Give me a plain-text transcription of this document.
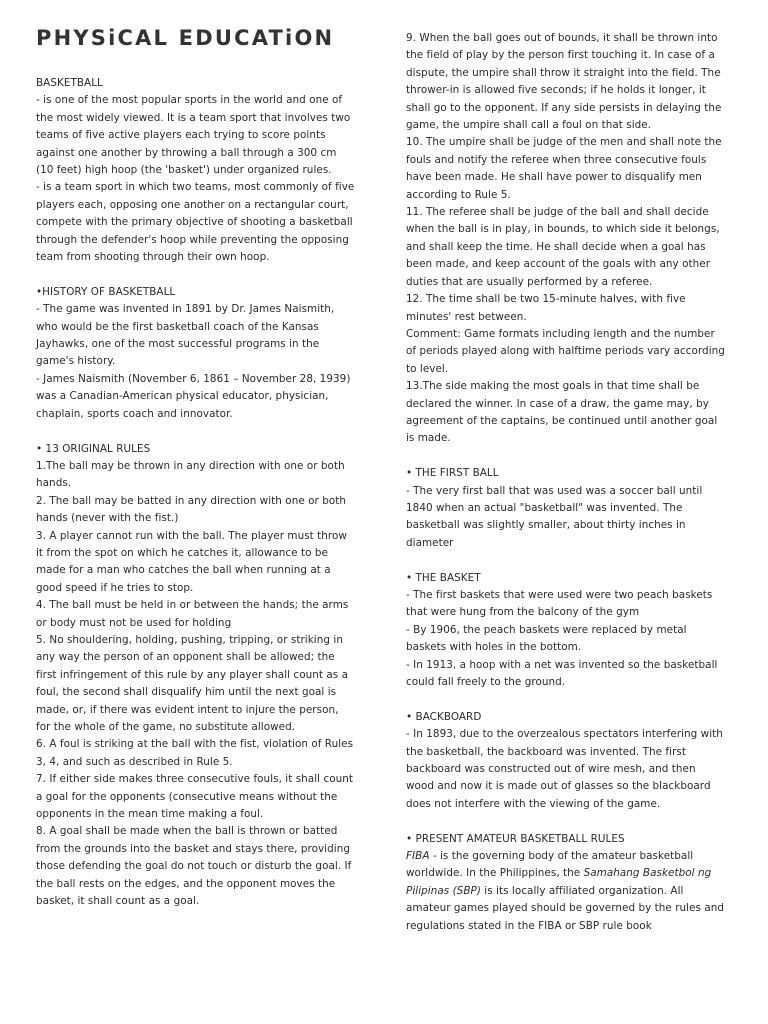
PHYSiCAL EDUCATiON
BASKETBALL

- is one of the most popular sports in the world and one of the most widely viewed. It is a team sport that involves two teams of five active players each trying to score points against one another by throwing a ball through a 300 cm (10 feet) high hoop (the 'basket') under organized rules.

- is a team sport in which two teams, most commonly of five players each, opposing one another on a rectangular court, compete with the primary objective of shooting a basketball through the defender's hoop while preventing the opposing team from shooting through their own hoop.

•HISTORY OF BASKETBALL

- The game was invented in 1891 by Dr. James Naismith, who would be the first basketball coach of the Kansas Jayhawks, one of the most successful programs in the game's history.

- James Naismith (November 6, 1861 – November 28, 1939) was a Canadian-American physical educator, physician, chaplain, sports coach and innovator.

• 13 ORIGINAL RULES

1.The ball may be thrown in any direction with one or both hands.

2. The ball may be batted in any direction with one or both hands (never with the fist.)

3. A player cannot run with the ball. The player must throw it from the spot on which he catches it, allowance to be made for a man who catches the ball when running at a good speed if he tries to stop.

4. The ball must be held in or between the hands; the arms or body must not be used for holding

5. No shouldering, holding, pushing, tripping, or striking in any way the person of an opponent shall be allowed; the first infringement of this rule by any player shall count as a foul, the second shall disqualify him until the next goal is made, or, if there was evident intent to injure the person, for the whole of the game, no substitute allowed.

6. A foul is striking at the ball with the fist, violation of Rules 3, 4, and such as described in Rule 5.

7. If either side makes three consecutive fouls, it shall count a goal for the opponents (consecutive means without the opponents in the mean time making a foul.

8. A goal shall be made when the ball is thrown or batted from the grounds into the basket and stays there, providing those defending the goal do not touch or disturb the goal. If the ball rests on the edges, and the opponent moves the basket, it shall count as a goal.

9. When the ball goes out of bounds, it shall be thrown into the field of play by the person first touching it. In case of a dispute, the umpire shall throw it straight into the field. The thrower-in is allowed five seconds; if he holds it longer, it shall go to the opponent. If any side persists in delaying the game, the umpire shall call a foul on that side.

10. The umpire shall be judge of the men and shall note the fouls and notify the referee when three consecutive fouls have been made. He shall have power to disqualify men according to Rule 5.

11. The referee shall be judge of the ball and shall decide when the ball is in play, in bounds, to which side it belongs, and shall keep the time. He shall decide when a goal has been made, and keep account of the goals with any other duties that are usually performed by a referee.

12. The time shall be two 15-minute halves, with five minutes' rest between.

Comment: Game formats including length and the number of periods played along with halftime periods vary according to level.

13.The side making the most goals in that time shall be declared the winner. In case of a draw, the game may, by agreement of the captains, be continued until another goal is made.

• THE FIRST BALL

- The very first ball that was used was a soccer ball until 1840 when an actual "basketball" was invented. The basketball was slightly smaller, about thirty inches in diameter

• THE BASKET

- The first baskets that were used were two peach baskets that were hung from the balcony of the gym

- By 1906, the peach baskets were replaced by metal baskets with holes in the bottom.

- In 1913, a hoop with a net was invented so the basketball could fall freely to the ground.

• BACKBOARD

- In 1893, due to the overzealous spectators interfering with the basketball, the backboard was invented. The first backboard was constructed out of wire mesh, and then wood and now it is made out of glasses so the blackboard does not interfere with the viewing of the game.

• PRESENT AMATEUR BASKETBALL RULES

FIBA - is the governing body of the amateur basketball worldwide. In the Philippines, the Samahang Basketbol ng Pilipinas (SBP) is its locally affiliated organization. All amateur games played should be governed by the rules and regulations stated in the FIBA or SBP rule book
